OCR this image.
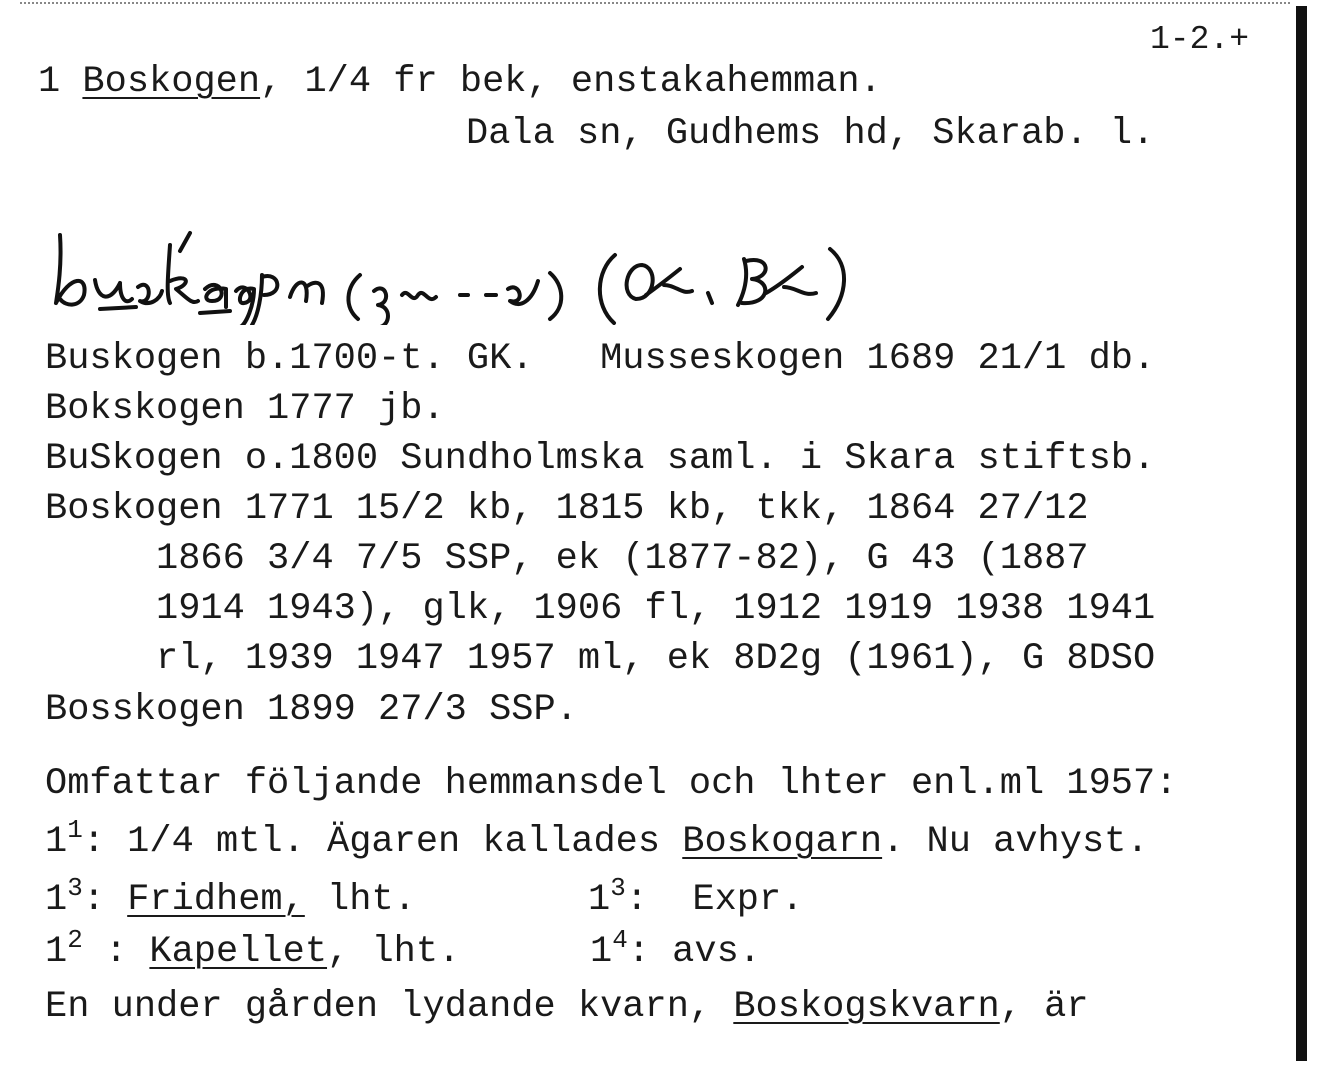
1-2.+
1 Boskogen, 1/4 fr bek, enstakahemman.
Dala sn, Gudhems hd, Skarab. l.
Buskogen b.1700-t. GK.   Musseskogen 1689 21/1 db.
Bokskogen 1777 jb.
BuSkogen o.1800 Sundholmska saml. i Skara stiftsb.
Boskogen 1771 15/2 kb, 1815 kb, tkk, 1864 27/12
1866 3/4 7/5 SSP, ek (1877-82), G 43 (1887
1914 1943), glk, 1906 fl, 1912 1919 1938 1941
rl, 1939 1947 1957 ml, ek 8D2g (1961), G 8DSO
Bosskogen 1899 27/3 SSP.
Omfattar följande hemmansdel och lhter enl.ml 1957:
$1^1$: 1/4 mtl. Ägaren kallades Boskogarn. Nu avhyst.
$1^3$: Fridhem, lht.	$1^3$:  Expr.
$1^2$ : Kapellet, lht.	$1^4$: avs.
En under gården lydande kvarn, Boskogskvarn, är
